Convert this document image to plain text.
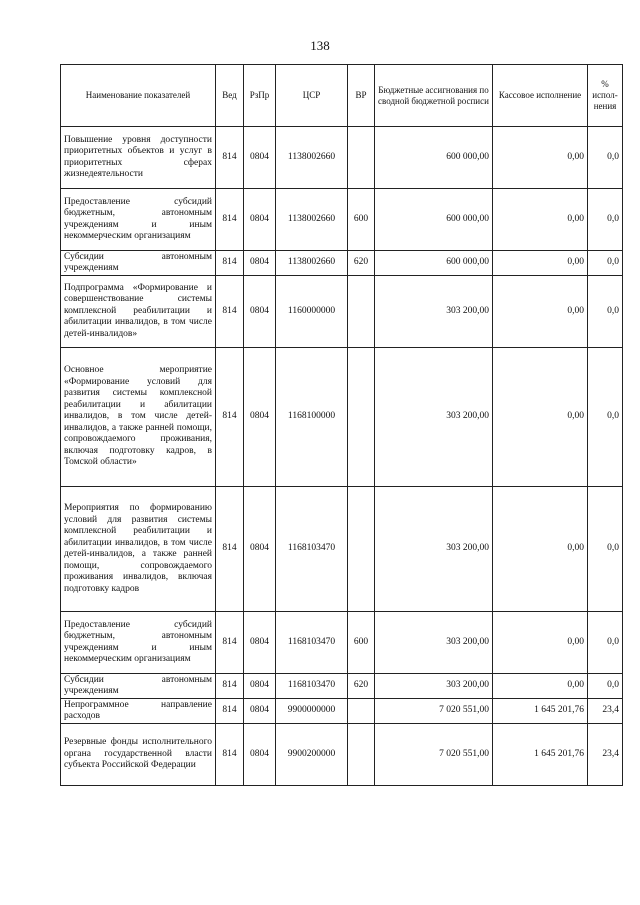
138
Наименование показателей	Вед	РзПр	ЦСР	ВР	Бюджетные ассигнования по сводной бюджетной росписи	Кассовое исполнение	% испол-нения
Повышение уровня доступности приоритетных объектов и услуг в приоритетных сферах жизнедеятельности	814	0804	1138002660		600 000,00	0,00	0,0
Предоставление субсидий бюджетным, автономным учреждениям и иным некоммерческим организациям	814	0804	1138002660	600	600 000,00	0,00	0,0
Субсидии автономным учреждениям	814	0804	1138002660	620	600 000,00	0,00	0,0
Подпрограмма «Формирование и совершенствование системы комплексной реабилитации и абилитации инвалидов, в том числе детей-инвалидов»	814	0804	1160000000		303 200,00	0,00	0,0
Основное мероприятие «Формирование условий для развития системы комплексной реабилитации и абилитации инвалидов, в том числе детей-инвалидов, а также ранней помощи, сопровождаемого проживания, включая подготовку кадров, в Томской области»	814	0804	1168100000		303 200,00	0,00	0,0
Мероприятия по формированию условий для развития системы комплексной реабилитации и абилитации инвалидов, в том числе детей-инвалидов, а также ранней помощи, сопровождаемого проживания инвалидов, включая подготовку кадров	814	0804	1168103470		303 200,00	0,00	0,0
Предоставление субсидий бюджетным, автономным учреждениям и иным некоммерческим организациям	814	0804	1168103470	600	303 200,00	0,00	0,0
Субсидии автономным учреждениям	814	0804	1168103470	620	303 200,00	0,00	0,0
Непрограммное направление расходов	814	0804	9900000000		7 020 551,00	1 645 201,76	23,4
Резервные фонды исполнительного органа государственной власти субъекта Российской Федерации	814	0804	9900200000		7 020 551,00	1 645 201,76	23,4
